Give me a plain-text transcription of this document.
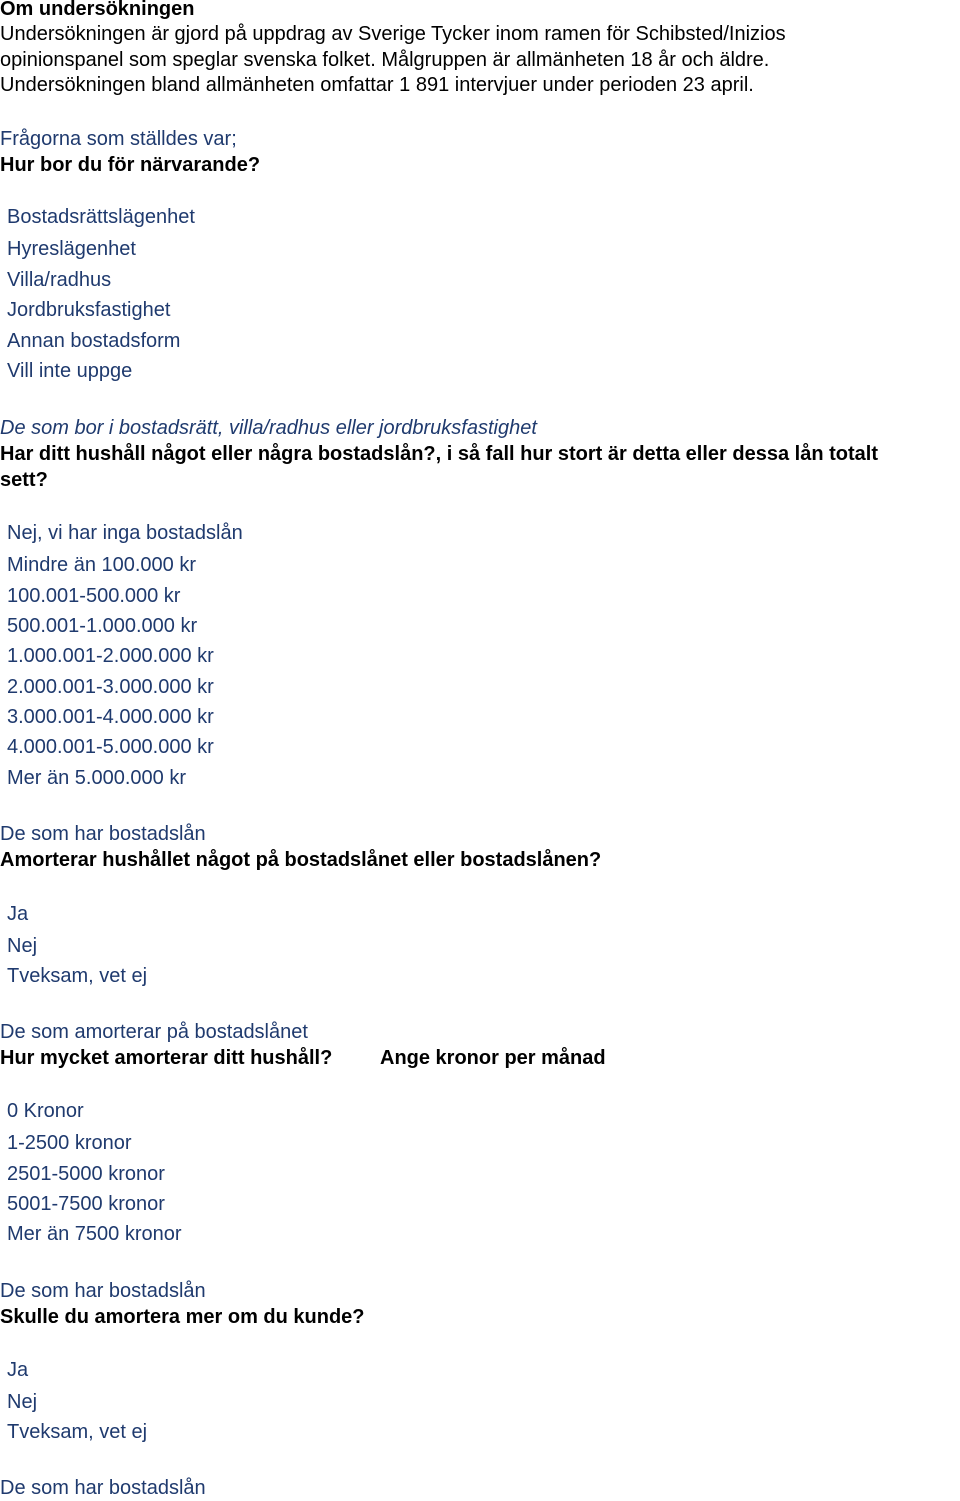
Om undersökningen
Undersökningen är gjord på uppdrag av Sverige Tycker inom ramen för Schibsted/Inizios
opinionspanel som speglar svenska folket. Målgruppen är allmänheten 18 år och äldre.
Undersökningen bland allmänheten omfattar 1 891 intervjuer under perioden 23 april.
Frågorna som ställdes var;
Hur bor du för närvarande?
Bostadsrättslägenhet
Hyreslägenhet
Villa/radhus
Jordbruksfastighet
Annan bostadsform
Vill inte uppge
De som bor i bostadsrätt, villa/radhus eller jordbruksfastighet
Har ditt hushåll något eller några bostadslån?, i så fall hur stort är detta eller dessa lån totalt
sett?
Nej, vi har inga bostadslån
Mindre än 100.000 kr
100.001-500.000 kr
500.001-1.000.000 kr
1.000.001-2.000.000 kr
2.000.001-3.000.000 kr
3.000.001-4.000.000 kr
4.000.001-5.000.000 kr
Mer än 5.000.000 kr
De som har bostadslån
Amorterar hushållet något på bostadslånet eller bostadslånen?
Ja
Nej
Tveksam, vet ej
De som amorterar på bostadslånet
Hur mycket amorterar ditt hushåll? Ange kronor per månad
0 Kronor
1-2500 kronor
2501-5000 kronor
5001-7500 kronor
Mer än 7500 kronor
De som har bostadslån
Skulle du amortera mer om du kunde?
Ja
Nej
Tveksam, vet ej
De som har bostadslån
